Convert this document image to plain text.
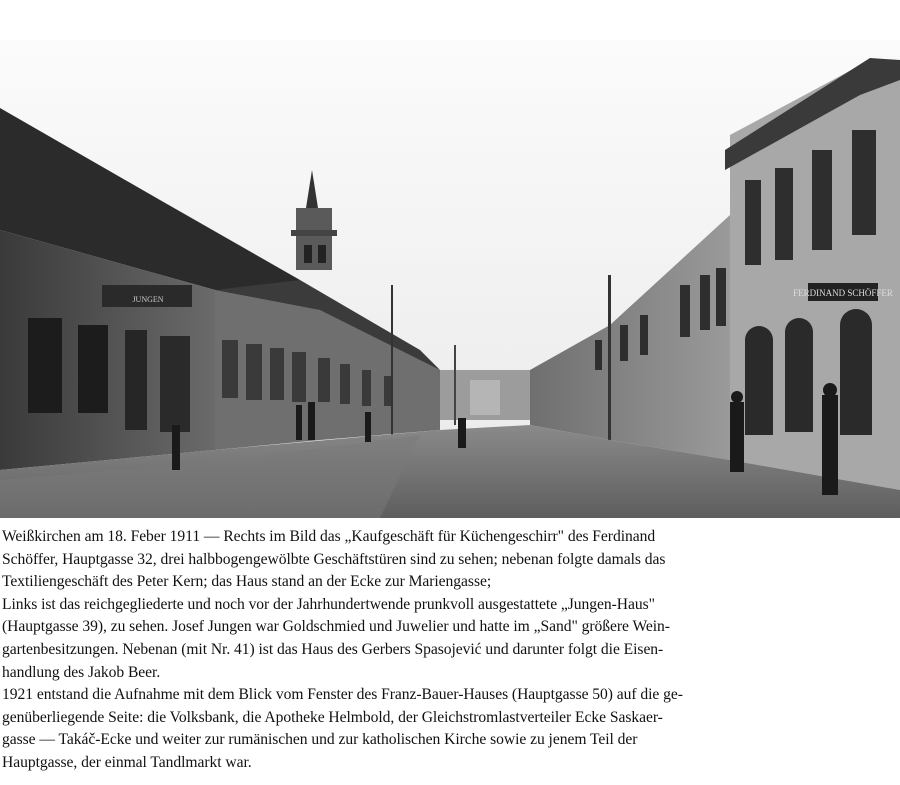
FERDINAND SCHÖFFER
JUNGEN

Weißkirchen am 18. Feber 1911 — Rechts im Bild das „Kaufgeschäft für Küchengeschirr" des Ferdinand

Schöffer, Hauptgasse 32, drei halbbogengewölbte Geschäftstüren sind zu sehen; nebenan folgte damals das

Textiliengeschäft des Peter Kern; das Haus stand an der Ecke zur Mariengasse;

Links ist das reichgegliederte und noch vor der Jahrhundertwende prunkvoll ausgestattete „Jungen-Haus"

(Hauptgasse 39), zu sehen. Josef Jungen war Goldschmied und Juwelier und hatte im „Sand" größere Wein-

gartenbesitzungen. Nebenan (mit Nr. 41) ist das Haus des Gerbers Spasojević und darunter folgt die Eisen-

handlung des Jakob Beer.

1921 entstand die Aufnahme mit dem Blick vom Fenster des Franz-Bauer-Hauses (Hauptgasse 50) auf die ge-

genüberliegende Seite: die Volksbank, die Apotheke Helmbold, der Gleichstromlastverteiler Ecke Saskaer-

gasse — Takáč-Ecke und weiter zur rumänischen und zur katholischen Kirche sowie zu jenem Teil der

Hauptgasse, der einmal Tandlmarkt war.
